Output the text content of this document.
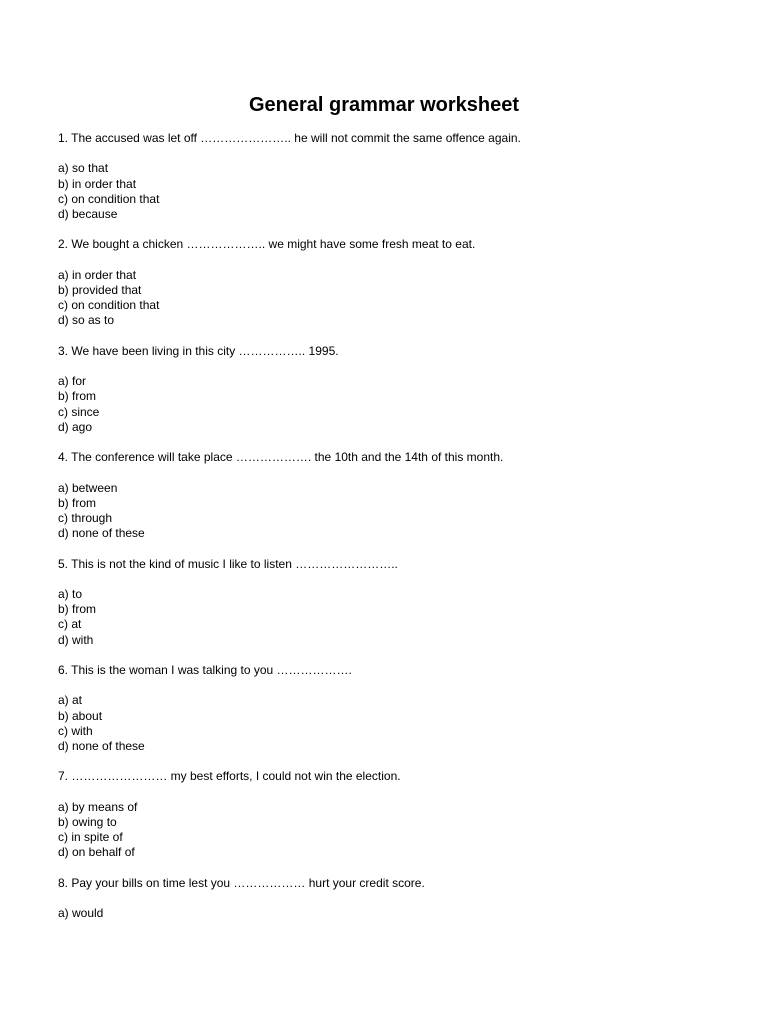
General grammar worksheet
1. The accused was let off ………………….. he will not commit the same offence again.
a) so that
b) in order that
c) on condition that
d) because
2. We bought a chicken ……………….. we might have some fresh meat to eat.
a) in order that
b) provided that
c) on condition that
d) so as to
3. We have been living in this city …………….. 1995.
a) for
b) from
c) since
d) ago
4. The conference will take place ………………. the 10th and the 14th of this month.
a) between
b) from
c) through
d) none of these
5. This is not the kind of music I like to listen ……………………..
a) to
b) from
c) at
d) with
6. This is the woman I was talking to you ……………….
a) at
b) about
c) with
d) none of these
7. …………………… my best efforts, I could not win the election.
a) by means of
b) owing to
c) in spite of
d) on behalf of
8. Pay your bills on time lest you ……………… hurt your credit score.
a) would
